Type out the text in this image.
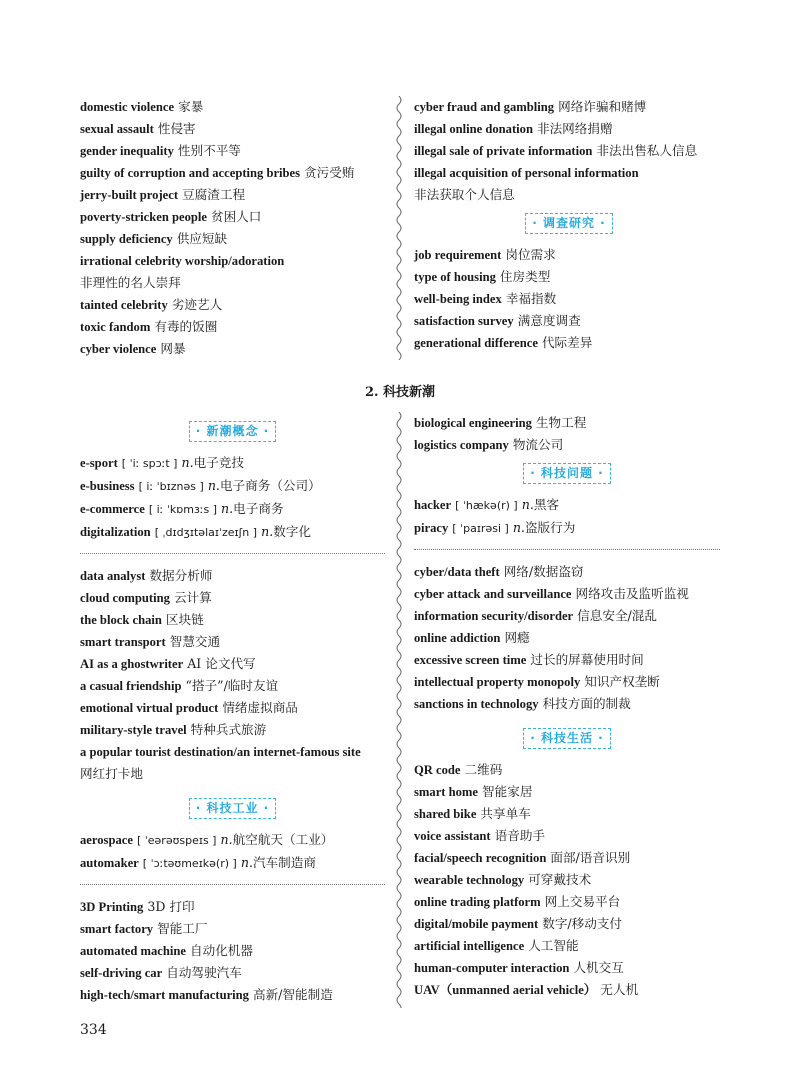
domestic violence 家暴
sexual assault 性侵害
gender inequality 性别不平等
guilty of corruption and accepting bribes 贪污受贿
jerry-built project 豆腐渣工程
poverty-stricken people 贫困人口
supply deficiency 供应短缺
irrational celebrity worship/adoration
非理性的名人崇拜
tainted celebrity 劣迹艺人
toxic fandom 有毒的饭圈
cyber violence 网暴
cyber fraud and gambling 网络诈骗和赌博
illegal online donation 非法网络捐赠
illegal sale of private information 非法出售私人信息
illegal acquisition of personal information
非法获取个人信息
· 调查研究 ·
job requirement 岗位需求
type of housing 住房类型
well-being index 幸福指数
satisfaction survey 满意度调查
generational difference 代际差异
2. 科技新潮
· 新潮概念 ·
e-sport [ ˈiː spɔːt ] n.电子竞技
e-business [ iː ˈbɪznəs ] n.电子商务（公司）
e-commerce [ iː ˈkɒmɜːs ] n.电子商务
digitalization [ ˌdɪdʒɪtəlaɪˈzeɪʃn ] n.数字化
data analyst 数据分析师
cloud computing 云计算
the block chain 区块链
smart transport 智慧交通
AI as a ghostwriter AI 论文代写
a casual friendship “搭子”/临时友谊
emotional virtual product 情绪虚拟商品
military-style travel 特种兵式旅游
a popular tourist destination/an internet-famous site
网红打卡地
· 科技工业 ·
aerospace [ ˈeərəʊspeɪs ] n.航空航天（工业）
automaker [ ˈɔːtəʊmeɪkə(r) ] n.汽车制造商
3D Printing 3D 打印
smart factory 智能工厂
automated machine 自动化机器
self-driving car 自动驾驶汽车
high-tech/smart manufacturing 高新/智能制造
biological engineering 生物工程
logistics company 物流公司
· 科技问题 ·
hacker [ ˈhækə(r) ] n.黑客
piracy [ ˈpaɪrəsi ] n.盗版行为
cyber/data theft 网络/数据盗窃
cyber attack and surveillance 网络攻击及监听监视
information security/disorder 信息安全/混乱
online addiction 网瘾
excessive screen time 过长的屏幕使用时间
intellectual property monopoly 知识产权垄断
sanctions in technology 科技方面的制裁
· 科技生活 ·
QR code 二维码
smart home 智能家居
shared bike 共享单车
voice assistant 语音助手
facial/speech recognition 面部/语音识别
wearable technology 可穿戴技术
online trading platform 网上交易平台
digital/mobile payment 数字/移动支付
artificial intelligence 人工智能
human-computer interaction 人机交互
UAV（unmanned aerial vehicle） 无人机
334
